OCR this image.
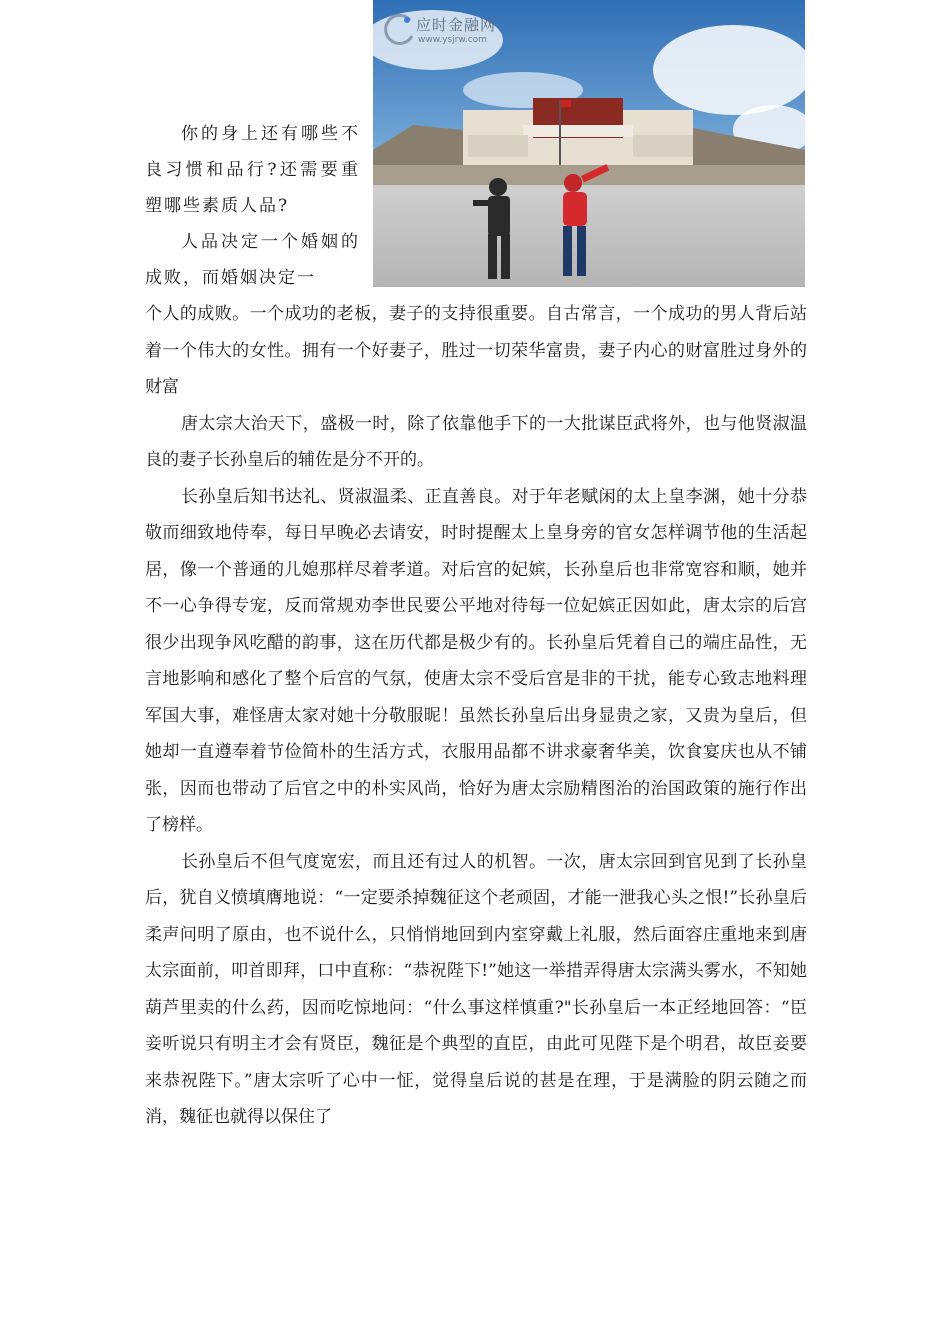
应时金融网
www.ysjrw.com

你的身上还有哪些不良习惯和品行?还需要重塑哪些素质人品?

人品决定一个婚姻的成败，而婚姻决定一

个人的成败。一个成功的老板，妻子的支持很重要。自古常言，一个成功的男人背后站着一个伟大的女性。拥有一个好妻子，胜过一切荣华富贵，妻子内心的财富胜过身外的财富

唐太宗大治天下，盛极一时，除了依靠他手下的一大批谋臣武将外，也与他贤淑温良的妻子长孙皇后的辅佐是分不开的。

长孙皇后知书达礼、贤淑温柔、正直善良。对于年老赋闲的太上皇李渊，她十分恭敬而细致地侍奉，每日早晚必去请安，时时提醒太上皇身旁的官女怎样调节他的生活起居，像一个普通的儿媳那样尽着孝道。对后宫的妃嫔，长孙皇后也非常宽容和顺，她并不一心争得专宠，反而常规劝李世民要公平地对待每一位妃嫔正因如此，唐太宗的后宫很少出现争风吃醋的韵事，这在历代都是极少有的。长孙皇后凭着自己的端庄品性，无言地影响和感化了整个后宫的气氛，使唐太宗不受后宫是非的干扰，能专心致志地料理军国大事，难怪唐太家对她十分敬服昵！虽然长孙皇后出身显贵之家，又贵为皇后，但她却一直遵奉着节俭简朴的生活方式，衣服用品都不讲求豪奢华美，饮食宴庆也从不铺张，因而也带动了后官之中的朴实风尚，恰好为唐太宗励精图治的治国政策的施行作出了榜样。

长孙皇后不但气度宽宏，而且还有过人的机智。一次，唐太宗回到官见到了长孙皇后，犹自义愤填膺地说：“一定要杀掉魏征这个老顽固，才能一泄我心头之恨!”长孙皇后柔声问明了原由，也不说什么，只悄悄地回到内室穿戴上礼服，然后面容庄重地来到唐太宗面前，叩首即拜，口中直称：“恭祝陛下!”她这一举措弄得唐太宗满头雾水，不知她葫芦里卖的什么药，因而吃惊地问：“什么事这样慎重?"长孙皇后一本正经地回答：“臣妾听说只有明主才会有贤臣，魏征是个典型的直臣，由此可见陛下是个明君，故臣妾要来恭祝陛下。”唐太宗听了心中一怔，觉得皇后说的甚是在理，于是满脸的阴云随之而消，魏征也就得以保住了
